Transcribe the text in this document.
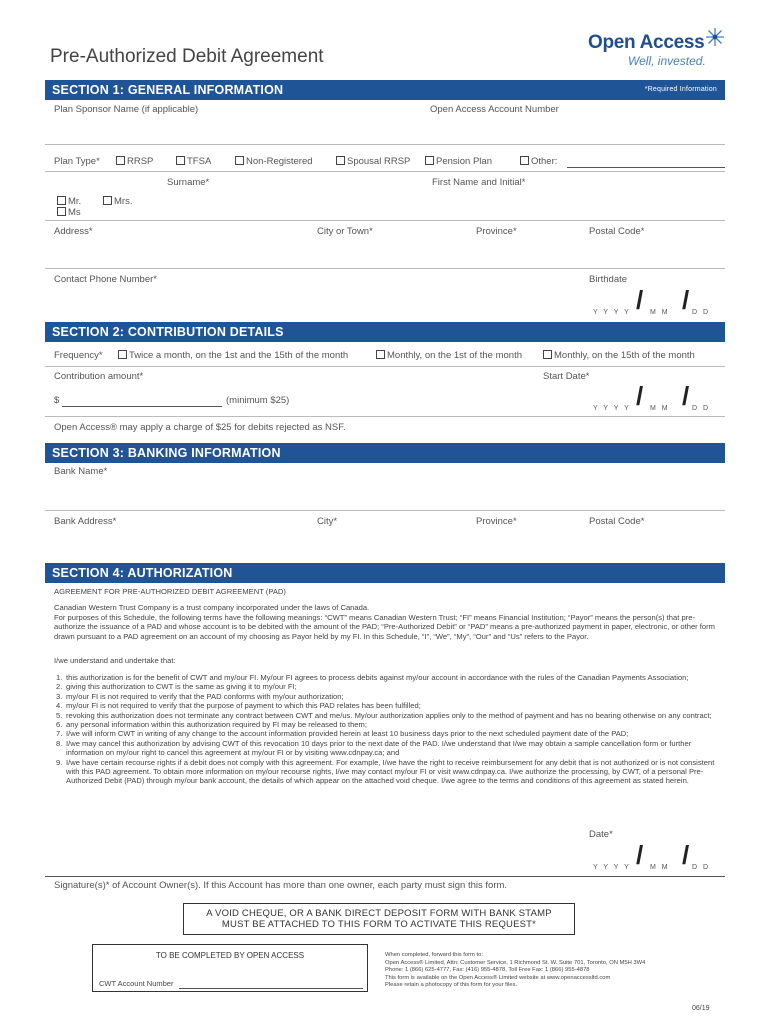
Pre-Authorized Debit Agreement
Open Access
Well, invested.
SECTION 1: GENERAL INFORMATION	*Required Information
Plan Sponsor Name (if applicable)	Open Access Account Number
Plan Type*	RRSP	TFSA	Non-Registered	Spousal RRSP	Pension Plan	Other:
Surname*	First Name and Initial*
Mr.	Mrs.
Ms
Address*	City or Town*	Province*	Postal Code*
Contact Phone Number*	Birthdate
Y Y Y Y / M M / D D
SECTION 2: CONTRIBUTION DETAILS
Frequency*	Twice a month, on the 1st and the 15th of the month	Monthly, on the 1st of the month	Monthly, on the 15th of the month
Contribution amount*	Start Date*
$	(minimum $25)
Y Y Y Y / M M / D D
Open Access® may apply a charge of $25 for debits rejected as NSF.
SECTION 3: BANKING INFORMATION
Bank Name*
Bank Address*	City*	Province*	Postal Code*
SECTION 4: AUTHORIZATION
AGREEMENT FOR PRE-AUTHORIZED DEBIT AGREEMENT (PAD)
Canadian Western Trust Company is a trust company incorporated under the laws of Canada.
For purposes of this Schedule, the following terms have the following meanings: “CWT” means Canadian Western Trust; “FI” means Financial Institution; “Payor” means the person(s) that pre-authorize the issuance of a PAD and whose account is to be debited with the amount of the PAD; “Pre-Authorized Debit” or “PAD” means a pre-authorized payment in paper, electronic, or other form drawn pursuant to a PAD agreement on an account of my choosing as Payor held by my FI. In this Schedule, “I”, “We”, “My”, “Our” and “Us” refers to the Payor.
I/we understand and undertake that:
1. this authorization is for the benefit of CWT and my/our FI. My/our FI agrees to process debits against my/our account in accordance with the rules of the Canadian Payments Association;
2. giving this authorization to CWT is the same as giving it to my/our FI;
3. my/our FI is not required to verify that the PAD conforms with my/our authorization;
4. my/our FI is not required to verify that the purpose of payment to which this PAD relates has been fulfilled;
5. revoking this authorization does not terminate any contract between CWT and me/us. My/our authorization applies only to the method of payment and has no bearing otherwise on any contract;
6. any personal information within this authorization required by FI may be released to them;
7. I/we will inform CWT in writing of any change to the account information provided herein at least 10 business days prior to the next scheduled payment date of the PAD;
8. I/we may cancel this authorization by advising CWT of this revocation 10 days prior to the next date of the PAD. I/we understand that I/we may obtain a sample cancellation form or further information on my/our right to cancel this agreement at my/our FI or by visiting www.cdnpay.ca; and
9. I/we have certain recourse rights if a debit does not comply with this agreement. For example, I/we have the right to receive reimbursement for any debit that is not authorized or is not consistent with this PAD agreement. To obtain more information on my/our recourse rights, I/we may contact my/our FI or visit www.cdnpay.ca. I/we authorize the processing, by CWT, of a personal Pre-Authorized Debit (PAD) through my/our bank account, the details of which appear on the attached void cheque. I/we agree to the terms and conditions of this agreement as stated herein.
Date*
Y Y Y Y / M M / D D
Signature(s)* of Account Owner(s). If this Account has more than one owner, each party must sign this form.
A VOID CHEQUE, OR A BANK DIRECT DEPOSIT FORM WITH BANK STAMP
MUST BE ATTACHED TO THIS FORM TO ACTIVATE THIS REQUEST*
TO BE COMPLETED BY OPEN ACCESS
CWT Account Number
When completed, forward this form to:
Open Access® Limited, Attn: Customer Service, 1 Richmond St. W. Suite 701, Toronto, ON M5H 3W4
Phone: 1 (866) 625-4777, Fax: (416) 955-4878, Toll Free Fax: 1 (866) 955-4878
This form is available on the Open Access® Limited website at www.openaccessltd.com
Please retain a photocopy of this form for your files.
06/19
